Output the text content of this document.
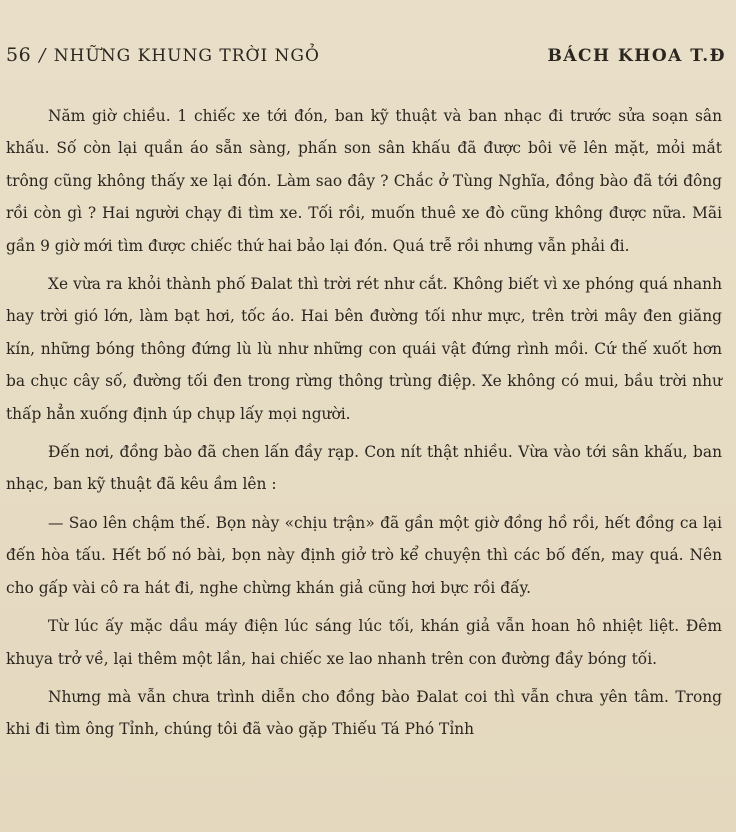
56 / NHỮNG KHUNG TRỜI NGỎ	BÁCH KHOA T.Đ

Năm giờ chiều. 1 chiếc xe tới đón, ban kỹ thuật và ban nhạc đi trước sửa soạn sân khấu. Số còn lại quần áo sẵn sàng, phấn son sân khấu đã được bôi vẽ lên mặt, mỏi mắt trông cũng không thấy xe lại đón. Làm sao đây ? Chắc ở Tùng Nghĩa, đồng bào đã tới đông rồi còn gì ? Hai người chạy đi tìm xe. Tối rồi, muốn thuê xe đò cũng không được nữa. Mãi gần 9 giờ mới tìm được chiếc thứ hai bảo lại đón. Quá trễ rồi nhưng vẫn phải đi.

Xe vừa ra khỏi thành phố Đalat thì trời rét như cắt. Không biết vì xe phóng quá nhanh hay trời gió lớn, làm bạt hơi, tốc áo. Hai bên đường tối như mực, trên trời mây đen giăng kín, những bóng thông đứng lù lù như những con quái vật đứng rình mồi. Cứ thế xuốt hơn ba chục cây số, đường tối đen trong rừng thông trùng điệp. Xe không có mui, bầu trời như thấp hẳn xuống định úp chụp lấy mọi người.

Đến nơi, đồng bào đã chen lấn đầy rạp. Con nít thật nhiều. Vừa vào tới sân khấu, ban nhạc, ban kỹ thuật đã kêu ầm lên :

— Sao lên chậm thế. Bọn này «chịu trận» đã gần một giờ đồng hồ rồi, hết đồng ca lại đến hòa tấu. Hết bố nó bài, bọn này định giở trò kể chuyện thì các bố đến, may quá. Nên cho gấp vài cô ra hát đi, nghe chừng khán giả cũng hơi bực rồi đấy.

Từ lúc ấy mặc dầu máy điện lúc sáng lúc tối, khán giả vẫn hoan hô nhiệt liệt. Đêm khuya trở về, lại thêm một lần, hai chiếc xe lao nhanh trên con đường đầy bóng tối.

Nhưng mà vẫn chưa trình diễn cho đồng bào Đalat coi thì vẫn chưa yên tâm. Trong khi đi tìm ông Tỉnh, chúng tôi đã vào gặp Thiếu Tá Phó Tỉnh
